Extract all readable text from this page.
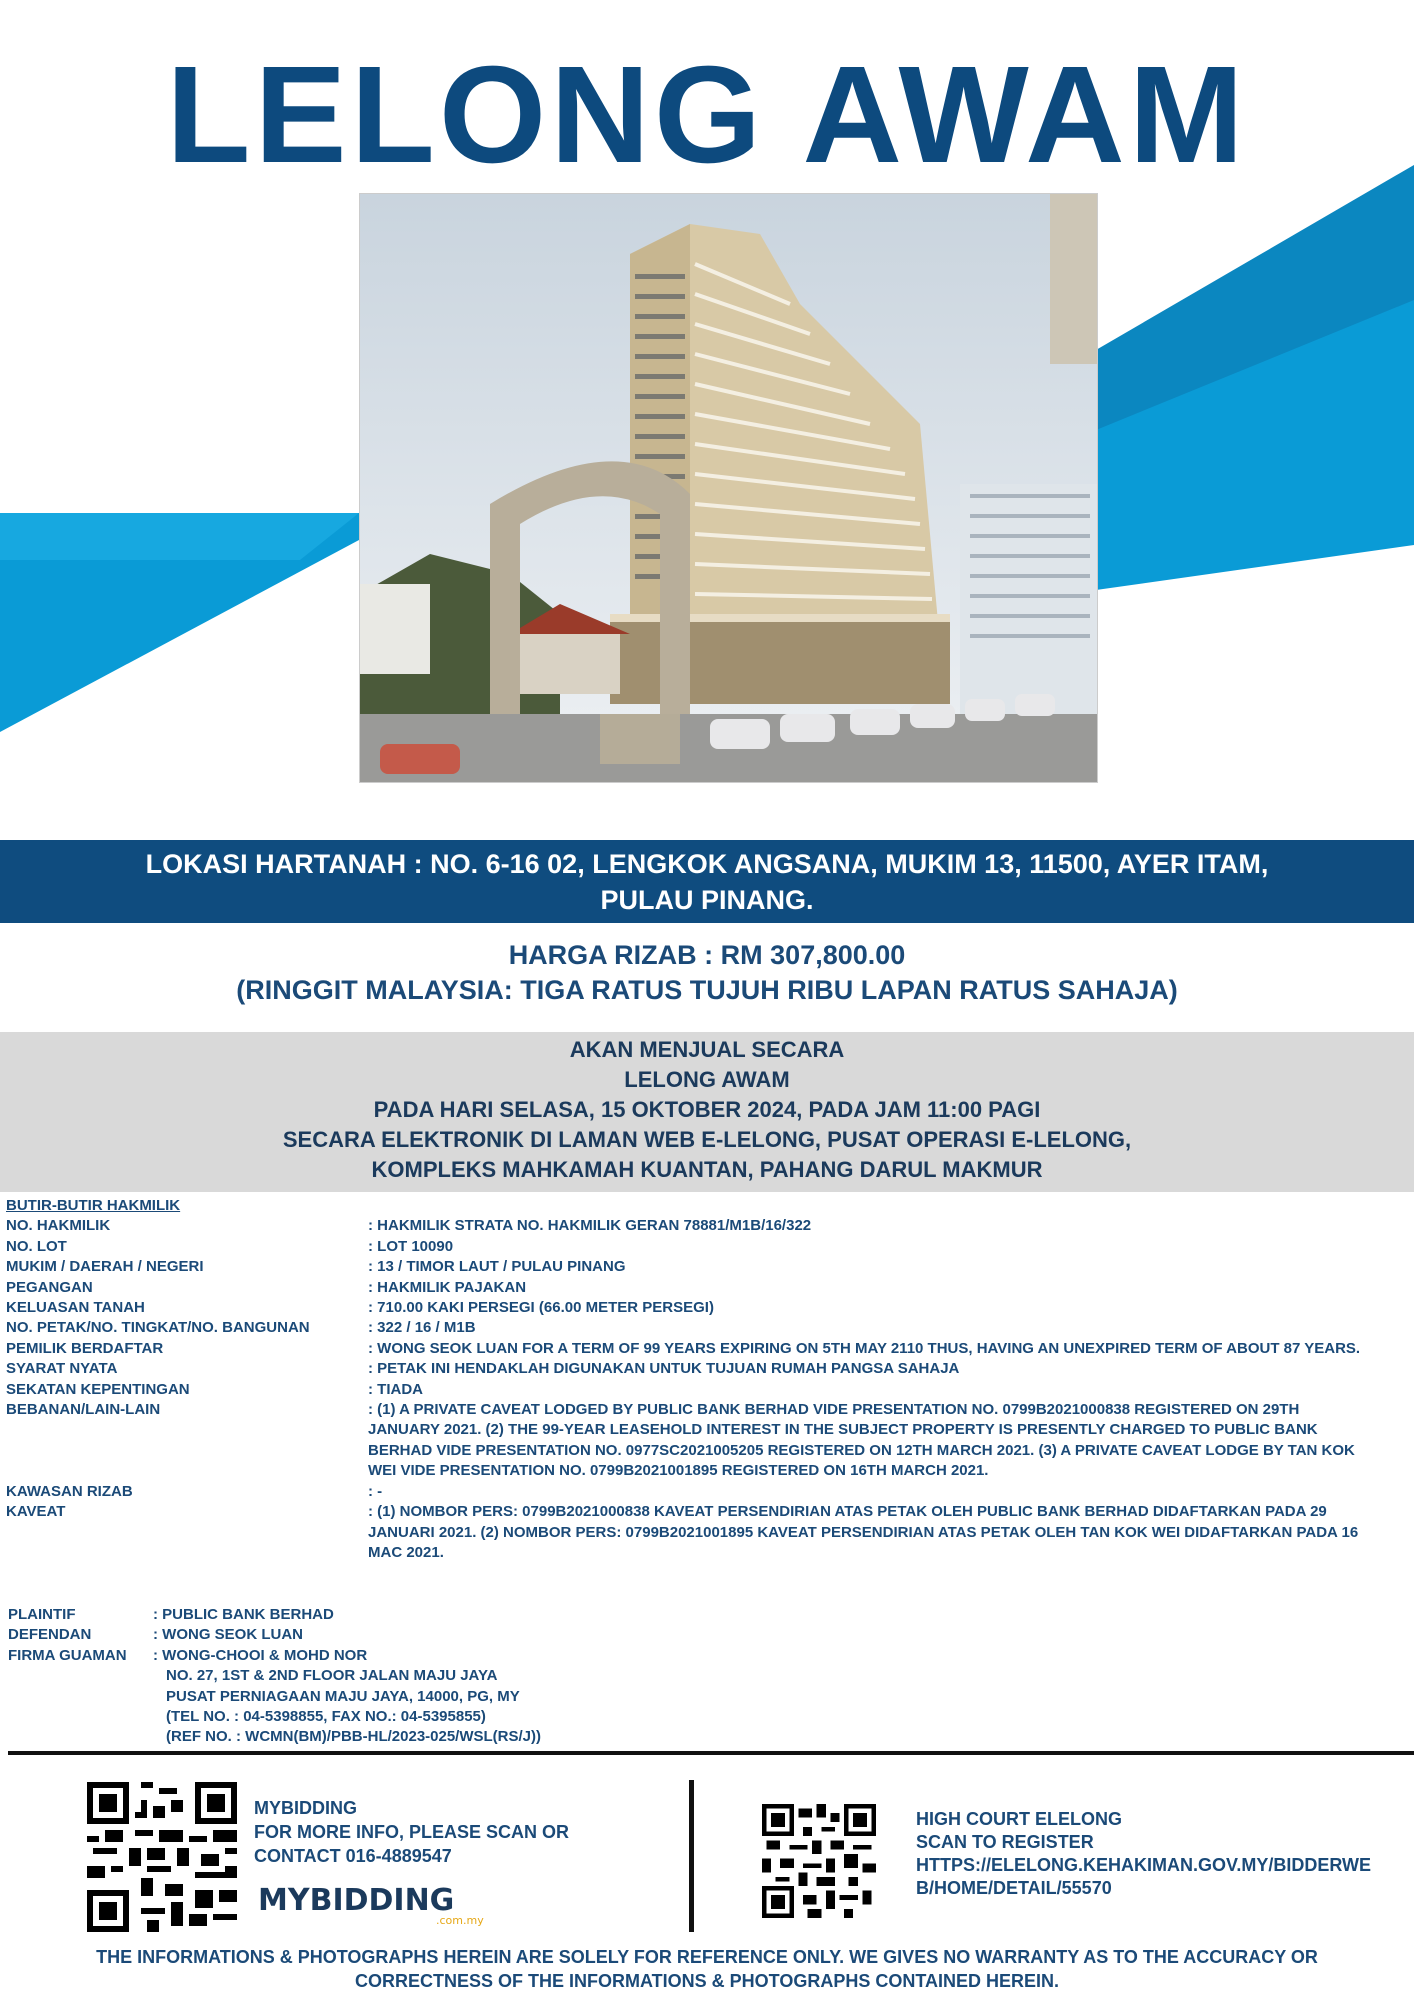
LELONG AWAM
LOKASI HARTANAH : NO. 6-16 02, LENGKOK ANGSANA, MUKIM 13, 11500, AYER ITAM, PULAU PINANG.
HARGA RIZAB : RM 307,800.00
(RINGGIT MALAYSIA: TIGA RATUS TUJUH RIBU LAPAN RATUS SAHAJA)
AKAN MENJUAL SECARA
LELONG AWAM
PADA HARI SELASA, 15 OKTOBER 2024, PADA JAM 11:00 PAGI
SECARA ELEKTRONIK DI LAMAN WEB E-LELONG, PUSAT OPERASI E-LELONG,
KOMPLEKS MAHKAMAH KUANTAN, PAHANG DARUL MAKMUR
BUTIR-BUTIR HAKMILIK
NO. HAKMILIK	: HAKMILIK STRATA NO. HAKMILIK GERAN 78881/M1B/16/322
NO. LOT	: LOT 10090
MUKIM / DAERAH / NEGERI	: 13 / TIMOR LAUT / PULAU PINANG
PEGANGAN	: HAKMILIK PAJAKAN
KELUASAN TANAH	: 710.00 KAKI PERSEGI (66.00 METER PERSEGI)
NO. PETAK/NO. TINGKAT/NO. BANGUNAN	: 322 / 16 / M1B
PEMILIK BERDAFTAR	: WONG SEOK LUAN FOR A TERM OF 99 YEARS EXPIRING ON 5TH MAY 2110 THUS, HAVING AN UNEXPIRED TERM OF ABOUT 87 YEARS.
SYARAT NYATA	: PETAK INI HENDAKLAH DIGUNAKAN UNTUK TUJUAN RUMAH PANGSA SAHAJA
SEKATAN KEPENTINGAN	: TIADA
BEBANAN/LAIN-LAIN	: (1) A PRIVATE CAVEAT LODGED BY PUBLIC BANK BERHAD VIDE PRESENTATION NO. 0799B2021000838 REGISTERED ON 29TH JANUARY 2021. (2) THE 99-YEAR LEASEHOLD INTEREST IN THE SUBJECT PROPERTY IS PRESENTLY CHARGED TO PUBLIC BANK BERHAD VIDE PRESENTATION NO. 0977SC2021005205 REGISTERED ON 12TH MARCH 2021. (3) A PRIVATE CAVEAT LODGE BY TAN KOK WEI VIDE PRESENTATION NO. 0799B2021001895 REGISTERED ON 16TH MARCH 2021.
KAWASAN RIZAB	: -
KAVEAT	: (1) NOMBOR PERS: 0799B2021000838 KAVEAT PERSENDIRIAN ATAS PETAK OLEH PUBLIC BANK BERHAD DIDAFTARKAN PADA 29 JANUARI 2021. (2) NOMBOR PERS: 0799B2021001895 KAVEAT PERSENDIRIAN ATAS PETAK OLEH TAN KOK WEI DIDAFTARKAN PADA 16 MAC 2021.
PLAINTIF	: PUBLIC BANK BERHAD
DEFENDAN	: WONG SEOK LUAN
FIRMA GUAMAN	: WONG-CHOOI & MOHD NOR
NO. 27, 1ST & 2ND FLOOR JALAN MAJU JAYA
PUSAT PERNIAGAAN MAJU JAYA, 14000, PG, MY
(TEL NO. : 04-5398855, FAX NO.: 04-5395855)
(REF NO. : WCMN(BM)/PBB-HL/2023-025/WSL(RS/J))
MYBIDDING
FOR MORE INFO, PLEASE SCAN OR
CONTACT 016-4889547
MYBIDDING
.com.my
HIGH COURT ELELONG
SCAN TO REGISTER
HTTPS://ELELONG.KEHAKIMAN.GOV.MY/BIDDERWEB/HOME/DETAIL/55570
THE INFORMATIONS & PHOTOGRAPHS HEREIN ARE SOLELY FOR REFERENCE ONLY. WE GIVES NO WARRANTY AS TO THE ACCURACY OR CORRECTNESS OF THE INFORMATIONS & PHOTOGRAPHS CONTAINED HEREIN.
